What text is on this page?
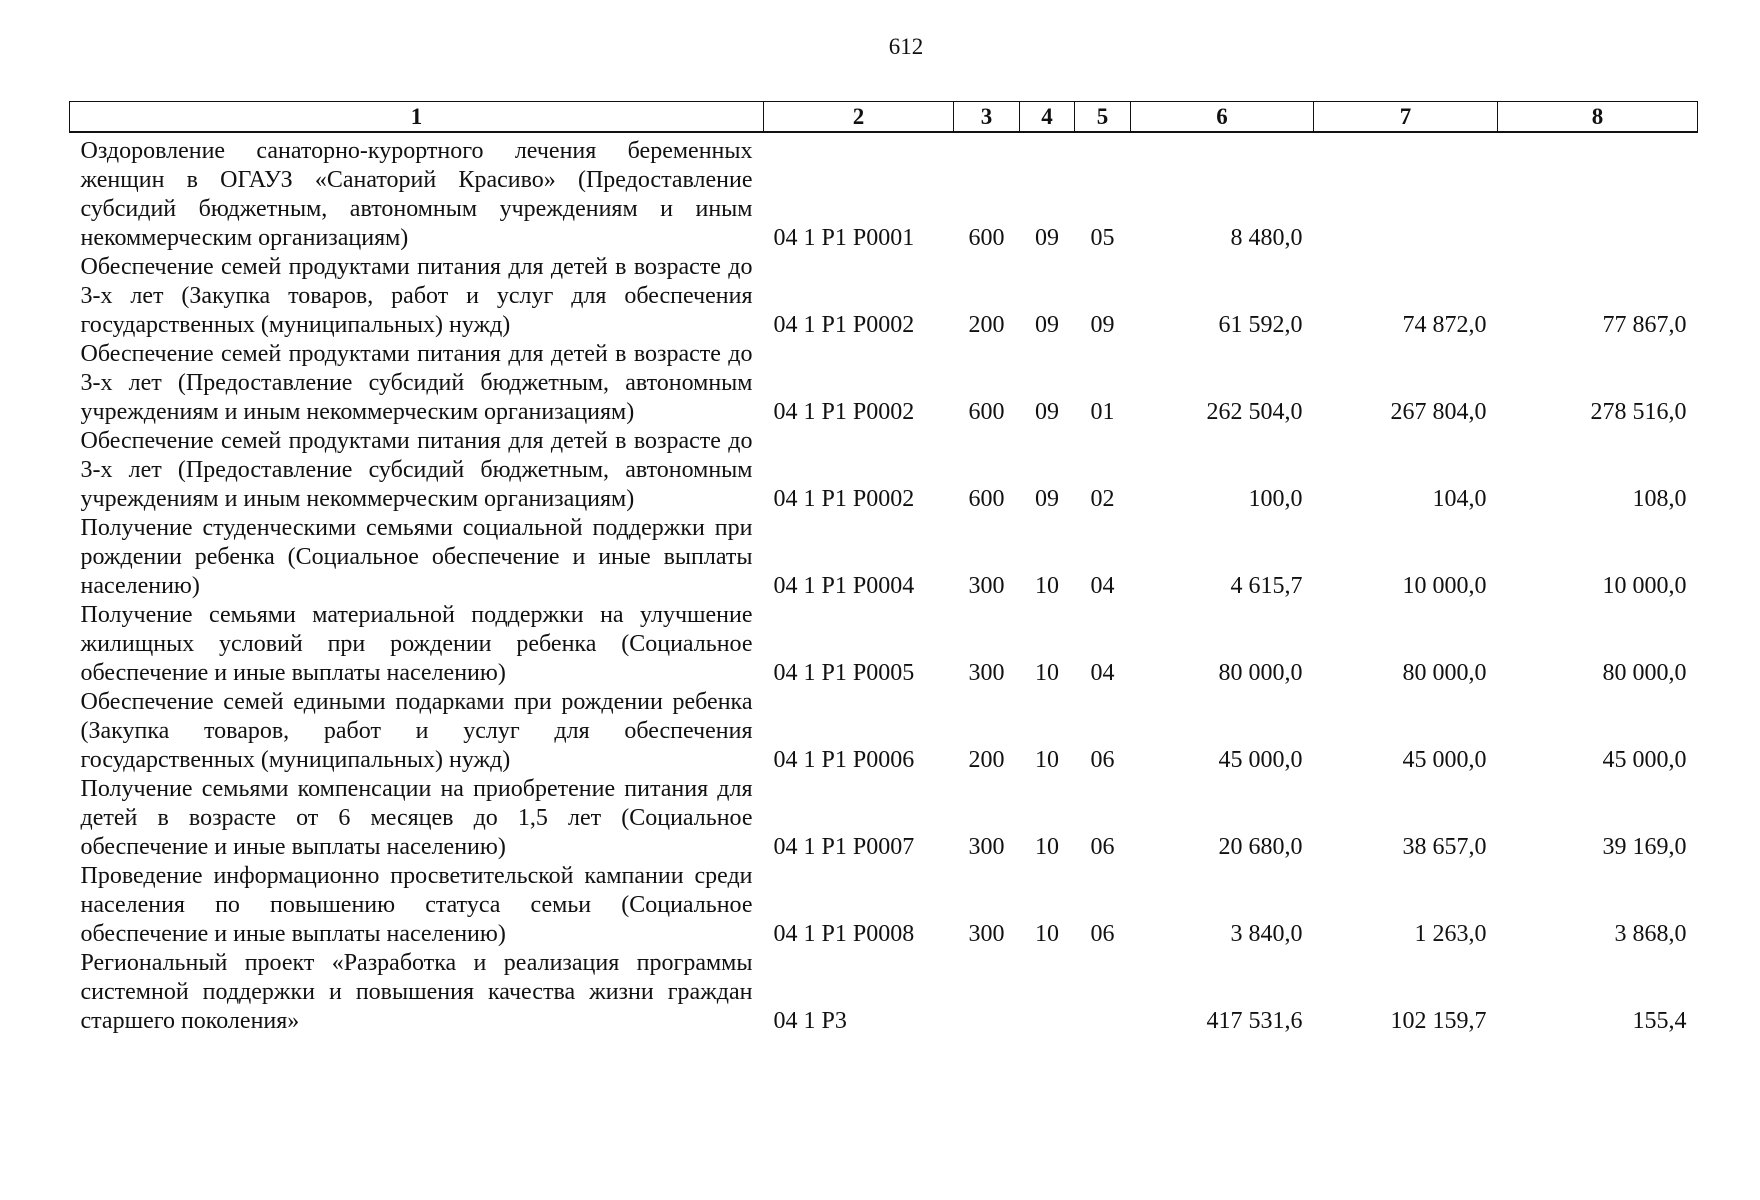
612
1	2	3	4	5	6	7	8
Оздоровление санаторно-курортного лечения беременных женщин в ОГАУЗ «Санаторий Красиво» (Предоставление субсидий бюджетным, автономным учреждениям и иным некоммерческим организациям)	04 1 P1 P0001	600	09	05	8 480,0		
Обеспечение семей продуктами питания для детей в возрасте до 3-х лет (Закупка товаров, работ и услуг для обеспечения государственных (муниципальных) нужд)	04 1 P1 P0002	200	09	09	61 592,0	74 872,0	77 867,0
Обеспечение семей продуктами питания для детей в возрасте до 3-х лет (Предоставление субсидий бюджетным, автономным учреждениям и иным некоммерческим организациям)	04 1 P1 P0002	600	09	01	262 504,0	267 804,0	278 516,0
Обеспечение семей продуктами питания для детей в возрасте до 3-х лет (Предоставление субсидий бюджетным, автономным учреждениям и иным некоммерческим организациям)	04 1 P1 P0002	600	09	02	100,0	104,0	108,0
Получение студенческими семьями социальной поддержки при рождении ребенка (Социальное обеспечение и иные выплаты населению)	04 1 P1 P0004	300	10	04	4 615,7	10 000,0	10 000,0
Получение семьями материальной поддержки на улучшение жилищных условий при рождении ребенка (Социальное обеспечение и иные выплаты населению)	04 1 P1 P0005	300	10	04	80 000,0	80 000,0	80 000,0
Обеспечение семей едиными подарками при рождении ребенка (Закупка товаров, работ и услуг для обеспечения государственных (муниципальных) нужд)	04 1 P1 P0006	200	10	06	45 000,0	45 000,0	45 000,0
Получение семьями компенсации на приобретение питания для детей в возрасте от 6 месяцев до 1,5 лет (Социальное обеспечение и иные выплаты населению)	04 1 P1 P0007	300	10	06	20 680,0	38 657,0	39 169,0
Проведение информационно просветительской кампании среди населения по повышению статуса семьи (Социальное обеспечение и иные выплаты населению)	04 1 P1 P0008	300	10	06	3 840,0	1 263,0	3 868,0
Региональный проект «Разработка и реализация программы системной поддержки и повышения качества жизни граждан старшего поколения»	04 1 P3				417 531,6	102 159,7	155,4
